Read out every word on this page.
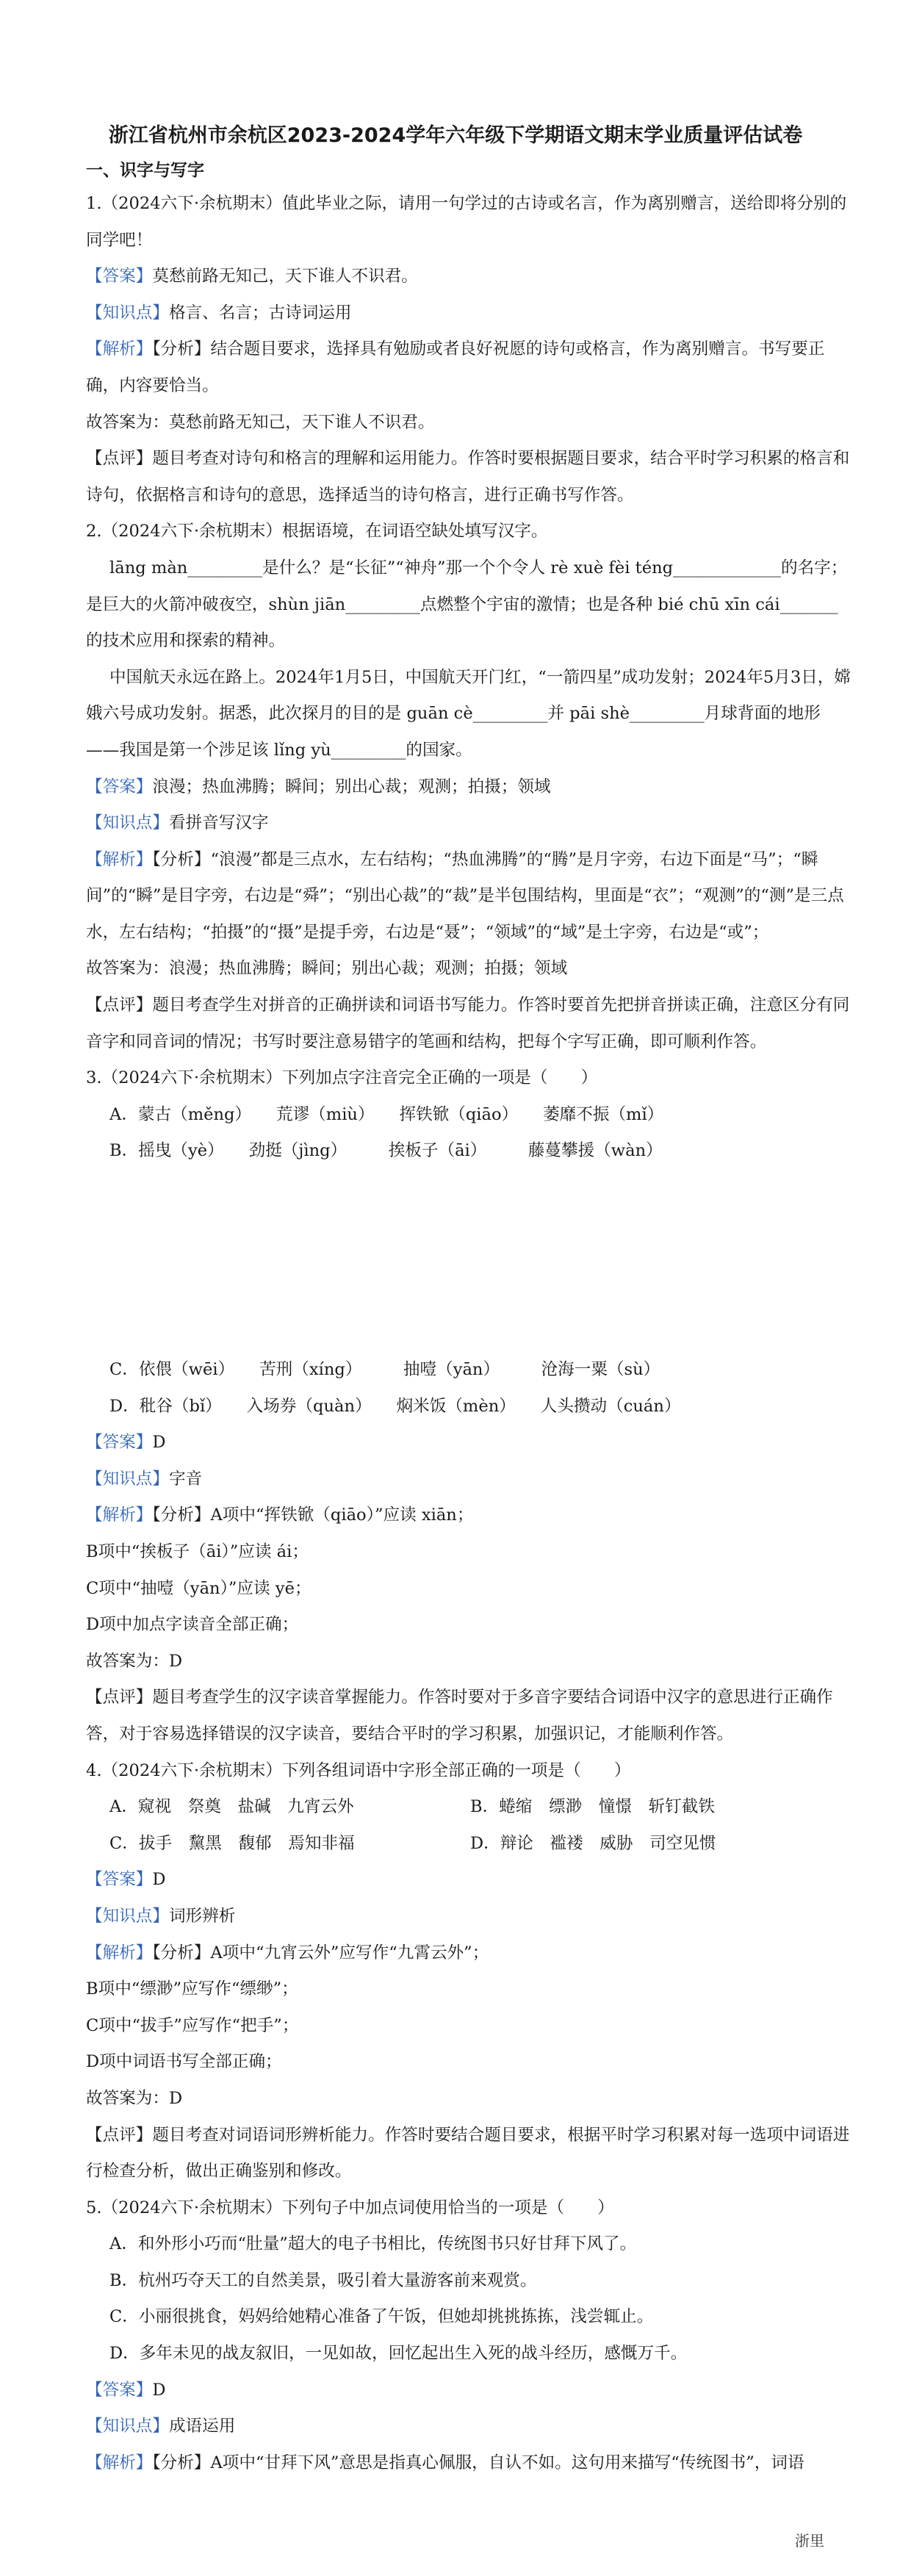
浙江省杭州市余杭区2023-2024学年六年级下学期语文期末学业质量评估试卷
一、识字与写字

1.（2024六下·余杭期末）值此毕业之际，请用一句学过的古诗或名言，作为离别赠言，送给即将分别的同学吧！

【答案】莫愁前路无知己，天下谁人不识君。

【知识点】格言、名言；古诗词运用

【解析】【分析】结合题目要求，选择具有勉励或者良好祝愿的诗句或格言，作为离别赠言。书写要正确，内容要恰当。

故答案为：莫愁前路无知己，天下谁人不识君。

【点评】题目考查对诗句和格言的理解和运用能力。作答时要根据题目要求，结合平时学习积累的格言和诗句，依据格言和诗句的意思，选择适当的诗句格言，进行正确书写作答。

2.（2024六下·余杭期末）根据语境，在词语空缺处填写汉字。

lāng màn_________是什么？是“长征”“神舟”那一个个令人 rè xuè fèi téng_____________的名字；是巨大的火箭冲破夜空，shùn jiān_________点燃整个宇宙的激情；也是各种 bié chū xīn cái_______的技术应用和探索的精神。

中国航天永远在路上。2024年1月5日，中国航天开门红，“一箭四星”成功发射；2024年5月3日，嫦娥六号成功发射。据悉，此次探月的目的是 guān cè_________并 pāi shè_________月球背面的地形——我国是第一个涉足该 lǐng yù_________的国家。

【答案】浪漫；热血沸腾；瞬间；别出心裁；观测；拍摄；领域

【知识点】看拼音写汉字

【解析】【分析】“浪漫”都是三点水，左右结构；“热血沸腾”的“腾”是月字旁，右边下面是“马”；“瞬间”的“瞬”是目字旁，右边是“舜”；“别出心裁”的“裁”是半包围结构，里面是“衣”；“观测”的“测”是三点水，左右结构；“拍摄”的“摄”是提手旁，右边是“聂”；“领域”的“域”是土字旁，右边是“或”；

故答案为：浪漫；热血沸腾；瞬间；别出心裁；观测；拍摄；领域

【点评】题目考查学生对拼音的正确拼读和词语书写能力。作答时要首先把拼音拼读正确，注意区分有同音字和同音词的情况；书写时要注意易错字的笔画和结构，把每个字写正确，即可顺利作答。

3.（2024六下·余杭期末）下列加点字注音完全正确的一项是（　　）

A．蒙古（měng）　　荒谬（miù）　　挥铁锨（qiāo）　　萎靡不振（mǐ）

B．摇曳（yè）　　劲挺（jìng）　　　挨板子（āi）　　　藤蔓攀援（wàn）

C．依偎（wēi）　　苦刑（xíng）　　　抽噎（yān）　　　沧海一粟（sù）

D．秕谷（bǐ）　　入场券（quàn）　　焖米饭（mèn）　　人头攒动（cuán）

【答案】D

【知识点】字音

【解析】【分析】A项中“挥铁锨（qiāo）”应读 xiān；

B项中“挨板子（āi）”应读 ái；

C项中“抽噎（yān）”应读 yē；

D项中加点字读音全部正确；

故答案为：D

【点评】题目考查学生的汉字读音掌握能力。作答时要对于多音字要结合词语中汉字的意思进行正确作答，对于容易选择错误的汉字读音，要结合平时的学习积累，加强识记，才能顺利作答。

4.（2024六下·余杭期末）下列各组词语中字形全部正确的一项是（　　）

A．窥视　祭奠　盐碱　九宵云外	B．蜷缩　缥渺　憧憬　斩钉截铁
C．拔手　黧黑　馥郁　焉知非福	D．辩论　褴褛　威胁　司空见惯

【答案】D

【知识点】词形辨析

【解析】【分析】A项中“九宵云外”应写作“九霄云外”；

B项中“缥渺”应写作“缥缈”；

C项中“拔手”应写作“把手”；

D项中词语书写全部正确；

故答案为：D

【点评】题目考查对词语词形辨析能力。作答时要结合题目要求，根据平时学习积累对每一选项中词语进行检查分析，做出正确鉴别和修改。

5.（2024六下·余杭期末）下列句子中加点词使用恰当的一项是（　　）

A．和外形小巧而“肚量”超大的电子书相比，传统图书只好甘拜下风了。

B．杭州巧夺天工的自然美景，吸引着大量游客前来观赏。

C．小丽很挑食，妈妈给她精心准备了午饭，但她却挑挑拣拣，浅尝辄止。

D．多年未见的战友叙旧，一见如故，回忆起出生入死的战斗经历，感慨万千。

【答案】D

【知识点】成语运用

【解析】【分析】A项中“甘拜下风”意思是指真心佩服，自认不如。这句用来描写“传统图书”，词语

浙里
